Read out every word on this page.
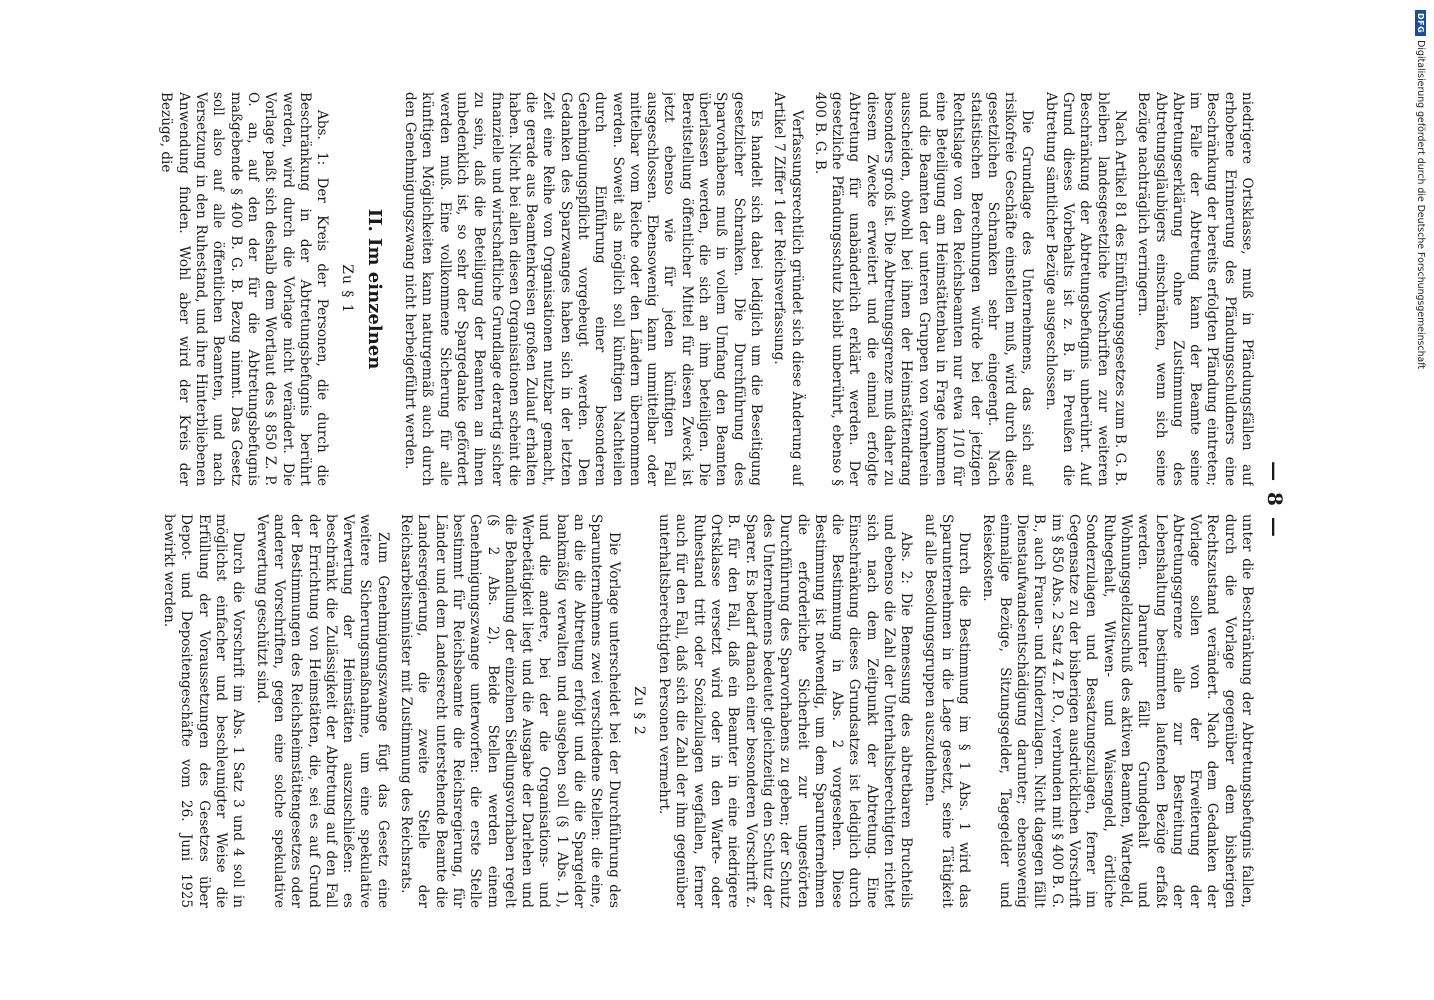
— 8 —

niedrigere Ortsklasse, muß in Pfändungsfällen auf erhobene Erinnerung des Pfändungsschuldners eine Beschränkung der bereits erfolgten Pfändung eintreten; im Falle der Abtretung kann der Beamte seine Abtretungserklärung ohne Zustimmung des Abtretungsgläubigers einschränken, wenn sich seine Bezüge nachträglich verringern.

Nach Artikel 81 des Einführungsgesetzes zum B. G. B. bleiben landesgesetzliche Vorschriften zur weiteren Beschränkung der Abtretungsbefugnis unberührt. Auf Grund dieses Vorbehalts ist z. B. in Preußen die Abtretung sämtlicher Bezüge ausgeschlossen.

Die Grundlage des Unternehmens, das sich auf risikofreie Geschäfte einstellen muß, wird durch diese gesetzlichen Schranken sehr eingeengt. Nach statistischen Berechnungen würde bei der jetzigen Rechtslage von den Reichsbeamten nur etwa 1/10 für eine Beteiligung am Heimstättenbau in Frage kommen und die Beamten der unteren Gruppen von vornherein ausscheiden, obwohl bei ihnen der Heimstättendrang besonders groß ist. Die Abtretungsgrenze muß daher zu diesem Zwecke erweitert und die einmal erfolgte Abtretung für unabänderlich erklärt werden. Der gesetzliche Pfändungsschutz bleibt unberührt, ebenso § 400 B. G. B.

Verfassungsrechtlich gründet sich diese Änderung auf Artikel 7 Ziffer 1 der Reichsverfassung.

Es handelt sich dabei lediglich um die Beseitigung gesetzlicher Schranken. Die Durchführung des Sparvorhabens muß in vollem Umfang den Beamten überlassen werden, die sich an ihm beteiligen. Die Bereitstellung öffentlicher Mittel für diesen Zweck ist jetzt ebenso wie für jeden künftigen Fall ausgeschlossen. Ebensowenig kann unmittelbar oder mittelbar vom Reiche oder den Ländern übernommen werden. Soweit als möglich soll künftigen Nachteilen durch Einführung einer besonderen Genehmigungspflicht vorgebeugt werden. Den Gedanken des Sparzwanges haben sich in der letzten Zeit eine Reihe von Organisationen nutzbar gemacht, die gerade aus Beamtenkreisen großen Zulauf erhalten haben. Nicht bei allen diesen Organisationen scheint die finanzielle und wirtschaftliche Grundlage derartig sicher zu sein, daß die Beteiligung der Beamten an ihnen unbedenklich ist, so sehr der Spargedanke gefördert werden muß. Eine vollkommene Sicherung für alle künftigen Möglichkeiten kann naturgemäß auch durch den Genehmigungszwang nicht herbeigeführt werden.

II. Im einzelnen
Zu § 1

Abs. 1: Der Kreis der Personen, die durch die Beschränkung in der Abtretungsbefugnis berührt werden, wird durch die Vorlage nicht verändert. Die Vorlage paßt sich deshalb dem Wortlaut des § 850 Z. P. O. an, auf den der für die Abtretungsbefugnis maßgebende § 400 B. G. B. Bezug nimmt. Das Gesetz soll also auf alle öffentlichen Beamten, und nach Versetzung in den Ruhestand, und ihre Hinterbliebenen Anwendung finden. Wohl aber wird der Kreis der Bezüge, die

unter die Beschränkung der Abtretungsbefugnis fallen, durch die Vorlage gegenüber dem bisherigen Rechtszustand verändert. Nach dem Gedanken der Vorlage sollen von der Erweiterung der Abtretungsgrenze alle zur Bestreitung der Lebenshaltung bestimmten laufenden Bezüge erfaßt werden. Darunter fällt Grundgehalt und Wohnungsgeldzuschuß des aktiven Beamten, Wartegeld, Ruhegehalt, Witwen- und Waisengeld, örtliche Sonderzulagen und Besatzungszulagen, ferner im Gegensatze zu der bisherigen ausdrücklichen Vorschrift im § 850 Abs. 2 Satz 4 Z. P. O., verbunden mit § 400 B. G. B., auch Frauen- und Kinderzulagen. Nicht dagegen fällt Dienstaufwandsentschädigung darunter; ebensowenig einmalige Bezüge, Sitzungsgelder, Tagegelder und Reisekosten.

Durch die Bestimmung im § 1 Abs. 1 wird das Sparunternehmen in die Lage gesetzt, seine Tätigkeit auf alle Besoldungsgruppen auszudehnen.

Abs. 2: Die Bemessung des abtretbaren Bruchteils und ebenso die Zahl der Unterhaltsberechtigten richtet sich nach dem Zeitpunkt der Abtretung. Eine Einschränkung dieses Grundsatzes ist lediglich durch die Bestimmung in Abs. 2 vorgesehen. Diese Bestimmung ist notwendig, um dem Sparunternehmen die erforderliche Sicherheit zur ungestörten Durchführung des Sparvorhabens zu geben; der Schutz des Unternehmens bedeutet gleichzeitig den Schutz der Sparer. Es bedarf danach einer besonderen Vorschrift z. B. für den Fall, daß ein Beamter in eine niedrigere Ortsklasse versetzt wird oder in den Warte- oder Ruhestand tritt oder Sozialzulagen wegfallen, ferner auch für den Fall, daß sich die Zahl der ihm gegenüber unterhaltsberechtigten Personen vermehrt.

Zu § 2

Die Vorlage unterscheidet bei der Durchführung des Sparunternehmens zwei verschiedene Stellen: die eine, an die die Abtretung erfolgt und die die Spargelder bankmäßig verwalten und ausgeben soll (§ 1 Abs. 1), und die andere, bei der die Organisations- und Werbetätigkeit liegt und die Ausgabe der Darlehen und die Behandlung der einzelnen Siedlungsvorhaben regelt (§ 2 Abs. 2). Beide Stellen werden einem Genehmigungszwange unterworfen: die erste Stelle bestimmt für Reichsbeamte die Reichsregierung, für Länder und dem Landesrecht unterstehende Beamte die Landesregierung, die zweite Stelle der Reichsarbeitsminister mit Zustimmung des Reichsrats.

Zum Genehmigungszwange fügt das Gesetz eine weitere Sicherungsmaßnahme, um eine spekulative Verwertung der Heimstätten auszuschließen: es beschränkt die Zulässigkeit der Abtretung auf den Fall der Errichtung von Heimstätten, die, sei es auf Grund der Bestimmungen des Reichsheimstättengesetzes oder anderer Vorschriften, gegen eine solche spekulative Verwertung geschützt sind.

Durch die Vorschrift im Abs. 1 Satz 3 und 4 soll in möglichst einfacher und beschleunigter Weise die Erfüllung der Voraussetzungen des Gesetzes über Depot- und Depositengeschäfte vom 26. Juni 1925 bewirkt werden.

DFG
Digitalisierung gefördert durch die Deutsche Forschungsgemeinschaft
